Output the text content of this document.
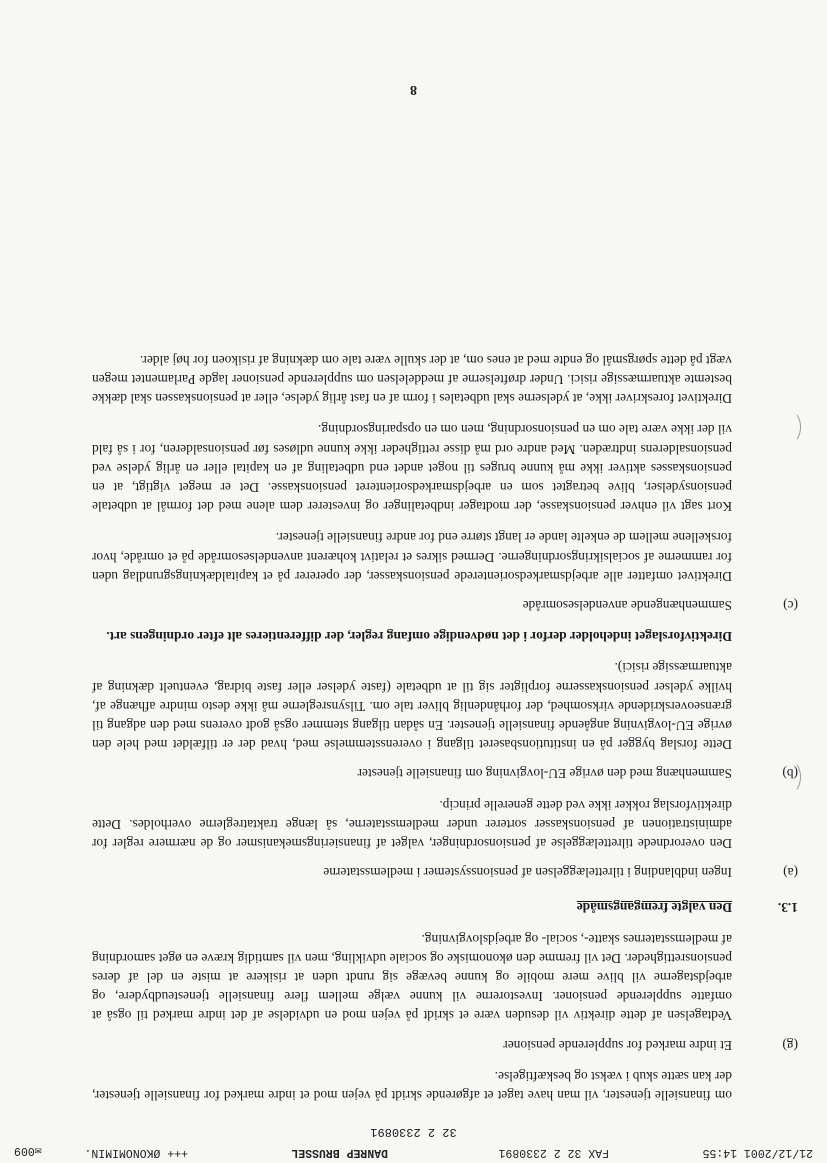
21/12/2001 14:55
FAX 32 2 2330891
DANREP BRUSSEL
+++ ØKONOMIMIN.
✉009
32 2 2330891

om finansielle tjenester, vil man have taget et afgørende skridt på vejen mod et indre marked for finansielle tjenester, der kan sætte skub i vækst og beskæftigelse.

(g)
Et indre marked for supplerende pensioner

Vedtagelsen af dette direktiv vil desuden være et skridt på vejen mod en udvidelse af det indre marked til også at omfatte supplerende pensioner. Investorerne vil kunne vælge mellem flere finansielle tjenesteudbydere, og arbejdstagerne vil blive mere mobile og kunne bevæge sig rundt uden at risikere at miste en del af deres pensionsrettigheder. Det vil fremme den økonomiske og sociale udvikling, men vil samtidig kræve en øget samordning af medlemsstaternes skatte-, social- og arbejdslovgivning.

1.3.
Den valgte fremgangsmåde
(a)
Ingen indblanding i tilrettelæggelsen af pensionssystemer i medlemsstaterne

Den overordnede tilrettelæggelse af pensionsordninger, valget af finansieringsmekanismer og de nærmere regler for administrationen af pensionskasser sorterer under medlemsstaterne, så længe traktatreglerne overholdes. Dette direktivforslag rokker ikke ved dette generelle princip.

(b)
Sammenhæng med den øvrige EU-lovgivning om finansielle tjenester

Dette forslag bygger på en institutionsbaseret tilgang i overensstemmelse med, hvad der er tilfældet med hele den øvrige EU-lovgivning angående finansielle tjenester. En sådan tilgang stemmer også godt overens med den adgang til grænseoverskridende virksomhed, der forhåndenlig bliver tale om. Tilsynsreglerne må ikke desto mindre afhænge af, hvilke ydelser pensionskasserne forpligter sig til at udbetale (faste ydelser eller faste bidrag, eventuelt dækning af aktuarmæssige risici).

Direktivforslaget indeholder derfor i det nødvendige omfang regler, der differentieres alt efter ordningens art.

(c)
Sammenhængende anvendelsesområde

Direktivet omfatter alle arbejdsmarkedsorienterede pensionskasser, der opererer på et kapitaldækningsgrundlag uden for rammerne af socialsikringsordningerne. Dermed sikres et relativt kohærent anvendelsesområde på et område, hvor forskellene mellem de enkelte lande er langt større end for andre finansielle tjenester.

Kort sagt vil enhver pensionskasse, der modtager indbetalinger og investerer dem alene med det formål at udbetale pensionsydelser, blive betragtet som en arbejdsmarkedsorienteret pensionskasse. Det er meget vigtigt, at en pensionskasses aktiver ikke må kunne bruges til noget andet end udbetaling af en kapital eller en årlig ydelse ved pensionsalderens indtræden. Med andre ord må disse rettigheder ikke kunne udløses før pensionsalderen, for i så fald vil der ikke være tale om en pensionsordning, men om en opsparingsordning.

Direktivet foreskriver ikke, at ydelserne skal udbetales i form af en fast årlig ydelse, eller at pensionskassen skal dække bestemte aktuarmæssige risici. Under drøftelserne af meddelelsen om supplerende pensioner lagde Parlamentet megen vægt på dette spørgsmål og endte med at enes om, at der skulle være tale om dækning af risikoen for høj alder.

8
